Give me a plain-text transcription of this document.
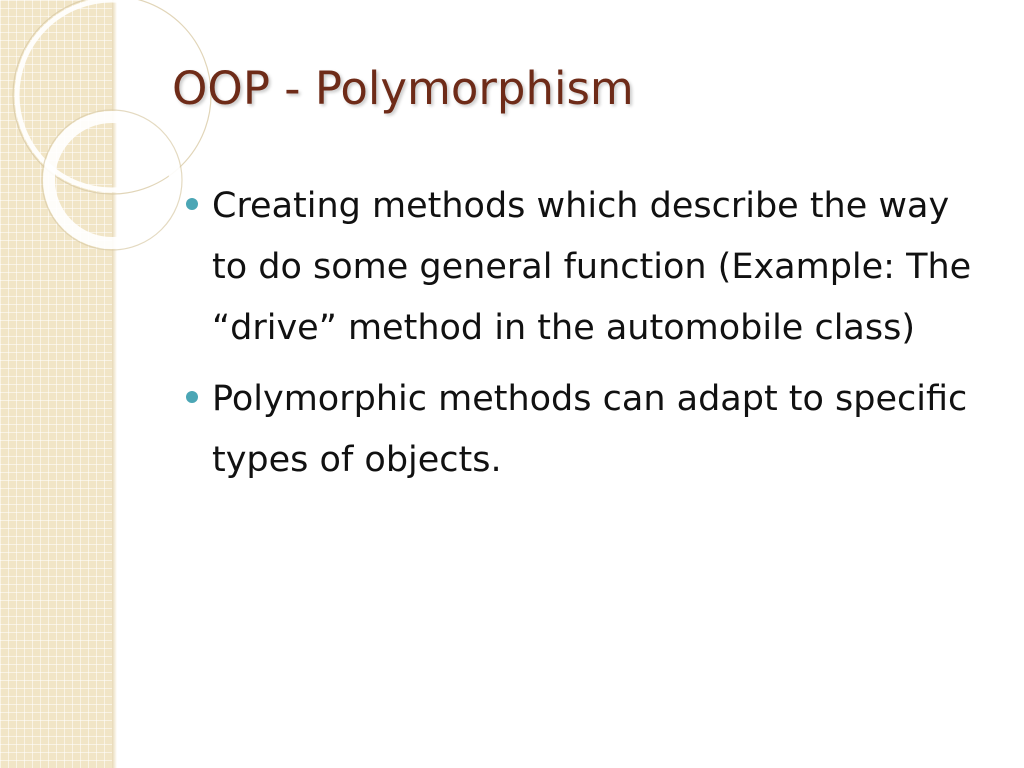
OOP - Polymorphism
Creating methods which describe the way to do some general function (Example: The “drive” method in the automobile class)
Polymorphic methods can adapt to specific types of objects.
